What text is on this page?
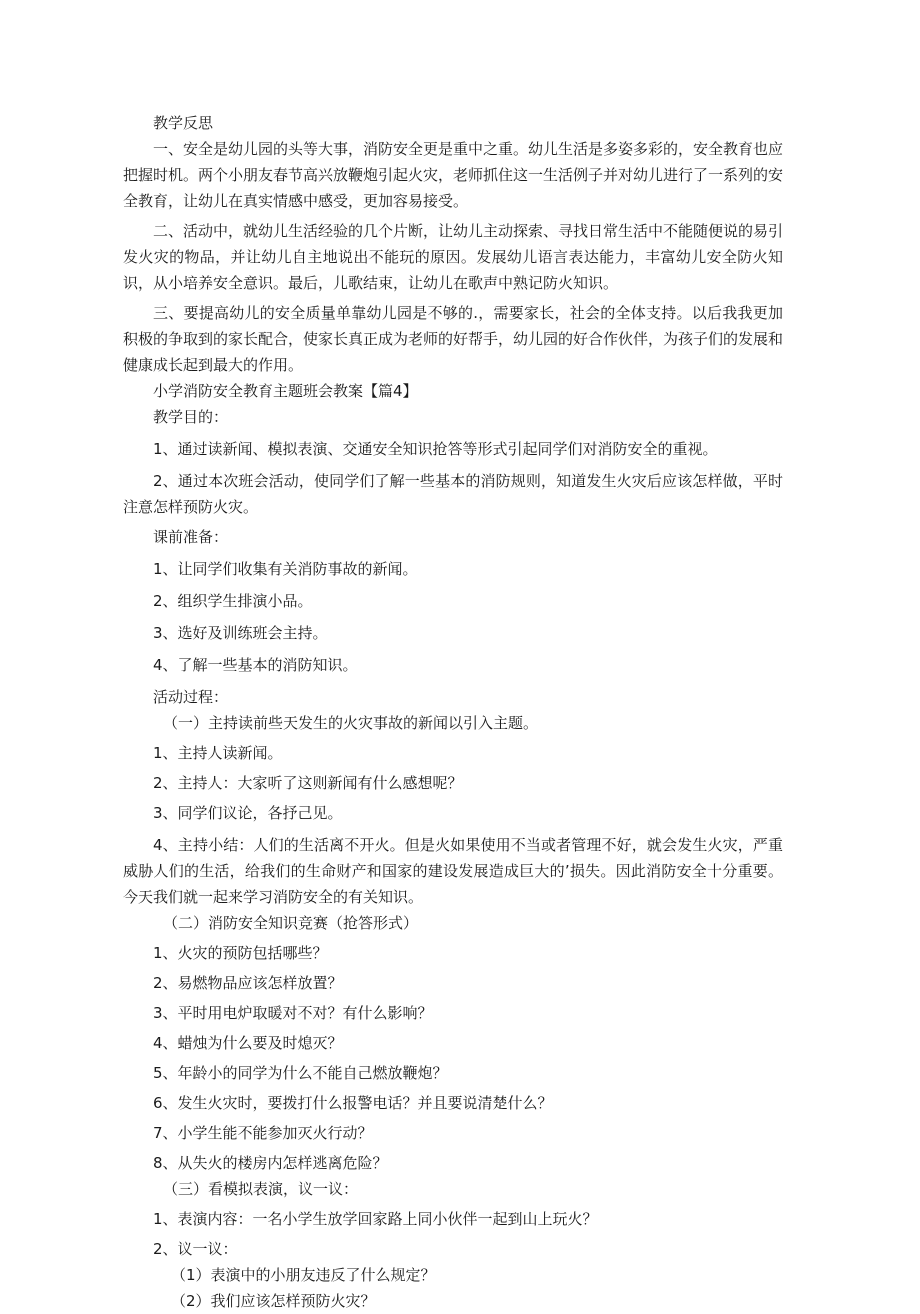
教学反思

一、安全是幼儿园的头等大事，消防安全更是重中之重。幼儿生活是多姿多彩的，安全教育也应把握时机。两个小朋友春节高兴放鞭炮引起火灾，老师抓住这一生活例子并对幼儿进行了一系列的安全教育，让幼儿在真实情感中感受，更加容易接受。

二、活动中，就幼儿生活经验的几个片断，让幼儿主动探索、寻找日常生活中不能随便说的易引发火灾的物品，并让幼儿自主地说出不能玩的原因。发展幼儿语言表达能力，丰富幼儿安全防火知识，从小培养安全意识。最后，儿歌结束，让幼儿在歌声中熟记防火知识。

三、要提高幼儿的安全质量单靠幼儿园是不够的.，需要家长，社会的全体支持。以后我我更加积极的争取到的家长配合，使家长真正成为老师的好帮手，幼儿园的好合作伙伴，为孩子们的发展和健康成长起到最大的作用。

小学消防安全教育主题班会教案【篇4】

教学目的：

1、通过读新闻、模拟表演、交通安全知识抢答等形式引起同学们对消防安全的重视。

2、通过本次班会活动，使同学们了解一些基本的消防规则，知道发生火灾后应该怎样做，平时注意怎样预防火灾。

课前准备：

1、让同学们收集有关消防事故的新闻。

2、组织学生排演小品。

3、选好及训练班会主持。

4、了解一些基本的消防知识。

活动过程：

（一）主持读前些天发生的火灾事故的新闻以引入主题。

1、主持人读新闻。

2、主持人：大家听了这则新闻有什么感想呢？

3、同学们议论，各抒己见。

4、主持小结：人们的生活离不开火。但是火如果使用不当或者管理不好，就会发生火灾，严重威胁人们的生活，给我们的生命财产和国家的建设发展造成巨大的’损失。因此消防安全十分重要。今天我们就一起来学习消防安全的有关知识。

（二）消防安全知识竞赛（抢答形式）

1、火灾的预防包括哪些？

2、易燃物品应该怎样放置？

3、平时用电炉取暖对不对？有什么影响？

4、蜡烛为什么要及时熄灭？

5、年龄小的同学为什么不能自己燃放鞭炮？

6、发生火灾时，要拨打什么报警电话？并且要说清楚什么？

7、小学生能不能参加灭火行动？

8、从失火的楼房内怎样逃离危险？

（三）看模拟表演，议一议：

1、表演内容：一名小学生放学回家路上同小伙伴一起到山上玩火？

2、议一议：

（1）表演中的小朋友违反了什么规定？

（2）我们应该怎样预防火灾？
